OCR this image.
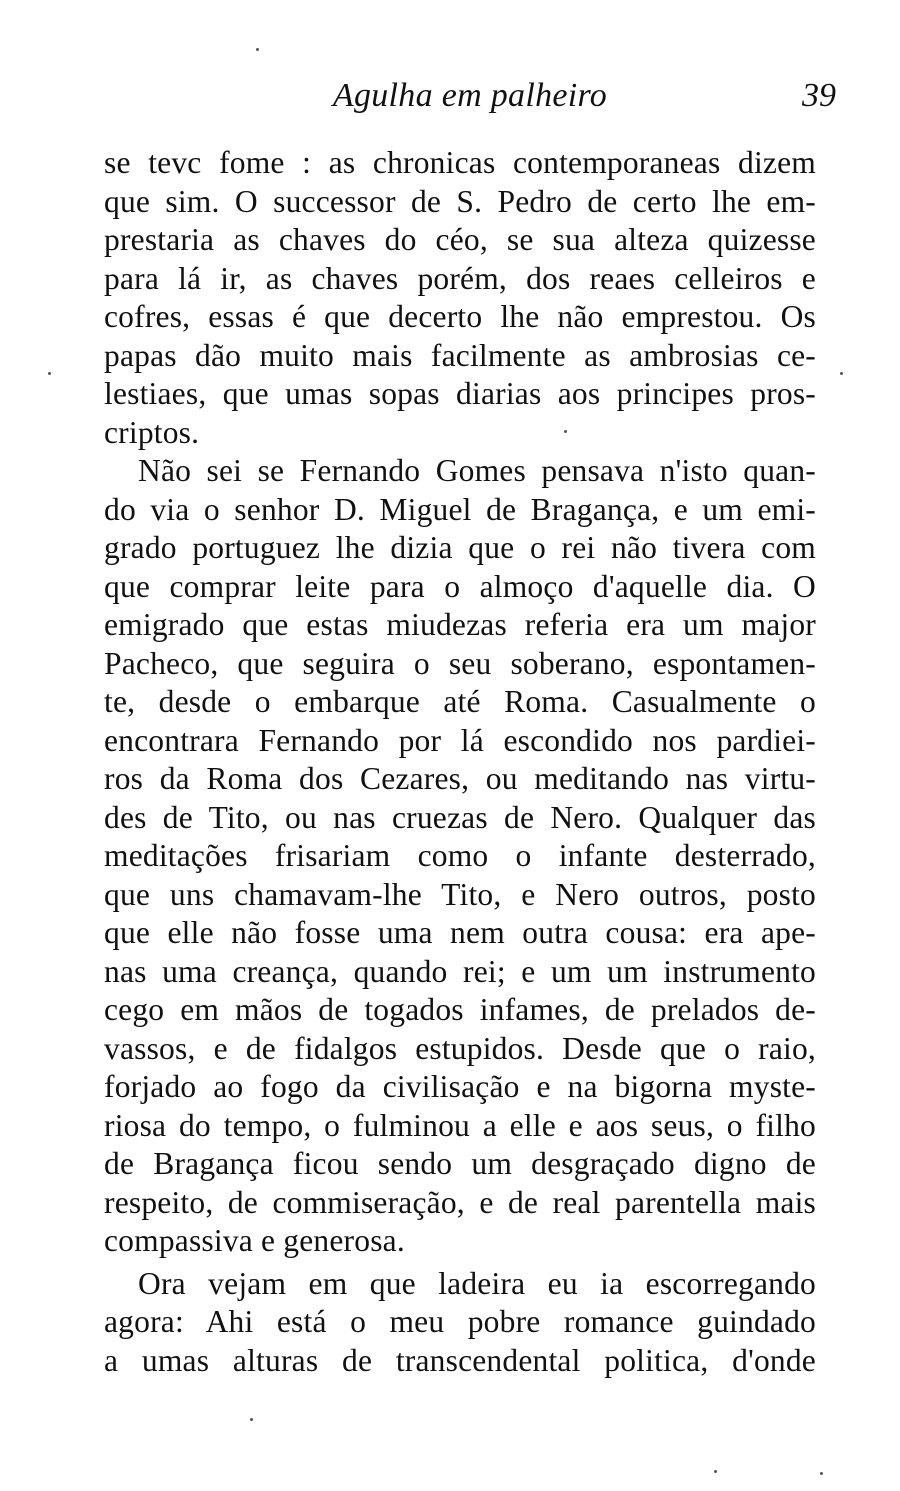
Agulha em palheiro	39
se tevc fome : as chronicas contemporaneas dizem
que sim. O successor de S. Pedro de certo lhe em-
prestaria as chaves do céo, se sua alteza quizesse
para lá ir, as chaves porém, dos reaes celleiros e
cofres, essas é que decerto lhe não emprestou. Os
papas dão muito mais facilmente as ambrosias ce-
lestiaes, que umas sopas diarias aos principes pros-
criptos.
Não sei se Fernando Gomes pensava n'isto quan-
do via o senhor D. Miguel de Bragança, e um emi-
grado portuguez lhe dizia que o rei não tivera com
que comprar leite para o almoço d'aquelle dia. O
emigrado que estas miudezas referia era um major
Pacheco, que seguira o seu soberano, espontamen-
te, desde o embarque até Roma. Casualmente o
encontrara Fernando por lá escondido nos pardiei-
ros da Roma dos Cezares, ou meditando nas virtu-
des de Tito, ou nas cruezas de Nero. Qualquer das
meditações frisariam como o infante desterrado,
que uns chamavam-lhe Tito, e Nero outros, posto
que elle não fosse uma nem outra cousa: era ape-
nas uma creança, quando rei; e um um instrumento
cego em mãos de togados infames, de prelados de-
vassos, e de fidalgos estupidos. Desde que o raio,
forjado ao fogo da civilisação e na bigorna myste-
riosa do tempo, o fulminou a elle e aos seus, o filho
de Bragança ficou sendo um desgraçado digno de
respeito, de commiseração, e de real parentella mais
compassiva e generosa.
Ora vejam em que ladeira eu ia escorregando
agora: Ahi está o meu pobre romance guindado
a umas alturas de transcendental politica, d'onde
